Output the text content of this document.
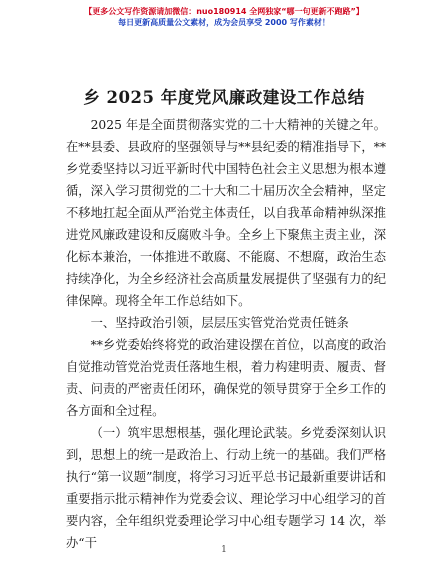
【更多公文写作资源请加微信：nuo180914 全网独家“哪一句更新不跑路”】
每日更新高质量公文素材，成为会员享受 2000 写作素材！
乡 2025 年度党风廉政建设工作总结

2025 年是全面贯彻落实党的二十大精神的关键之年。在**县委、县政府的坚强领导与**县纪委的精准指导下，**乡党委坚持以习近平新时代中国特色社会主义思想为根本遵循，深入学习贯彻党的二十大和二十届历次全会精神，坚定不移地扛起全面从严治党主体责任，以自我革命精神纵深推进党风廉政建设和反腐败斗争。全乡上下聚焦主责主业，深化标本兼治，一体推进不敢腐、不能腐、不想腐，政治生态持续净化，为全乡经济社会高质量发展提供了坚强有力的纪律保障。现将全年工作总结如下。

一、坚持政治引领，层层压实管党治党责任链条

**乡党委始终将党的政治建设摆在首位，以高度的政治自觉推动管党治党责任落地生根，着力构建明责、履责、督责、问责的严密责任闭环，确保党的领导贯穿于全乡工作的各方面和全过程。

（一）筑牢思想根基，强化理论武装。乡党委深刻认识到，思想上的统一是政治上、行动上统一的基础。我们严格执行“第一议题”制度，将学习习近平总书记最新重要讲话和重要指示批示精神作为党委会议、理论学习中心组学习的首要内容，全年组织党委理论学习中心组专题学习 14 次，举办“干	1
